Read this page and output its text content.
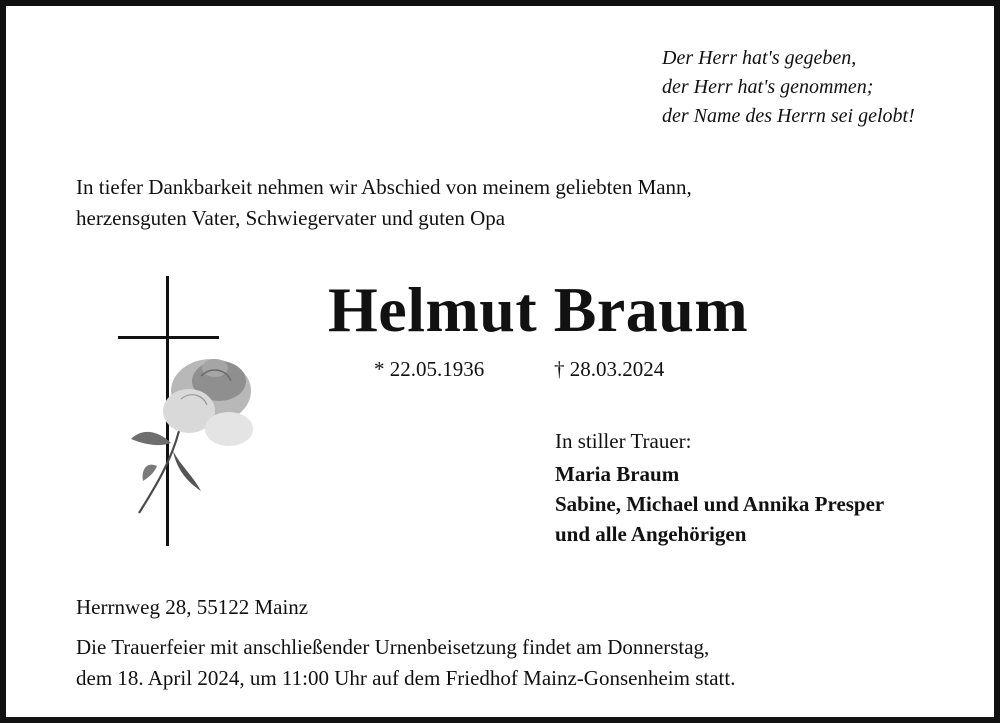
Der Herr hat's gegeben,
der Herr hat's genommen;
der Name des Herrn sei gelobt!
In tiefer Dankbarkeit nehmen wir Abschied von meinem geliebten Mann,
herzensguten Vater, Schwiegervater und guten Opa
Helmut Braum
* 22.05.1936	† 28.03.2024
In stiller Trauer:
Maria Braum
Sabine, Michael und Annika Presper
und alle Angehörigen
Herrnweg 28, 55122 Mainz
Die Trauerfeier mit anschließender Urnenbeisetzung findet am Donnerstag,
dem 18. April 2024, um 11:00 Uhr auf dem Friedhof Mainz-Gonsenheim statt.
